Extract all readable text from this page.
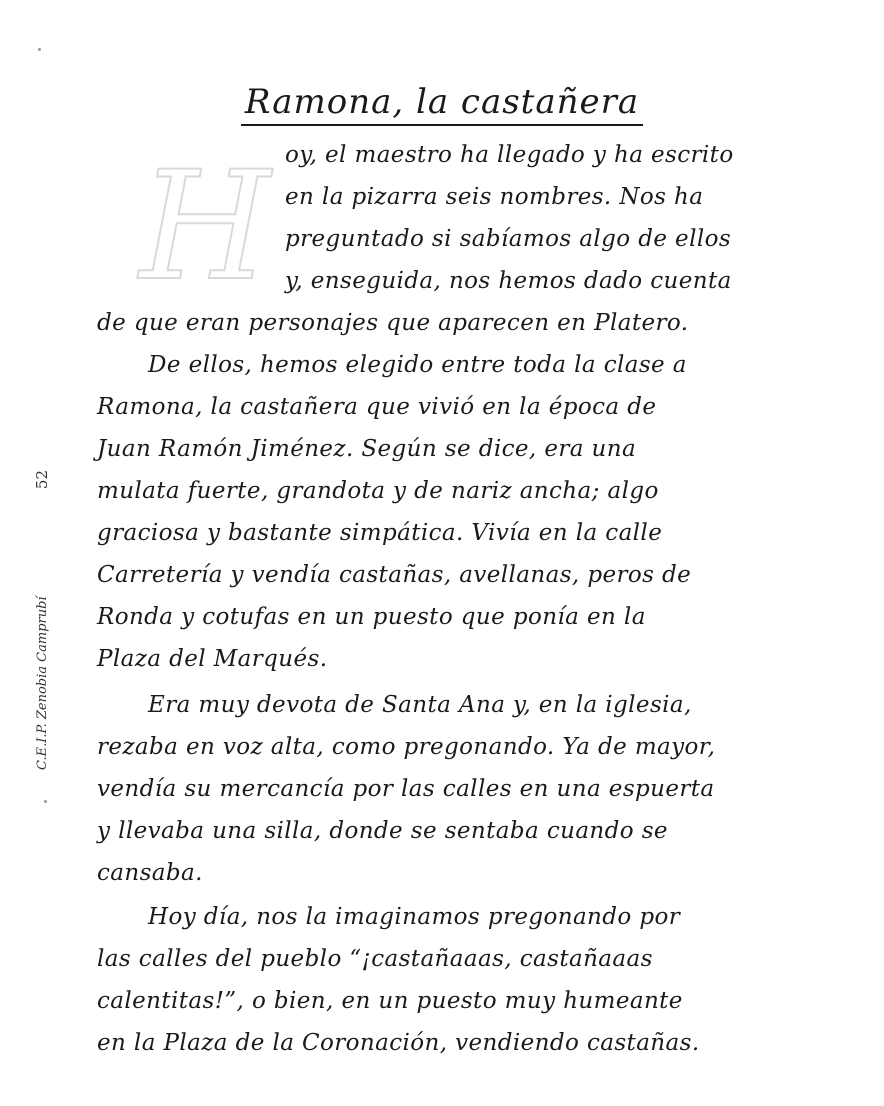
Ramona, la castañera
H
C.E.I.P. Zenobia Camprubí
52
oy, el maestro ha llegado y ha escrito
en la pizarra seis nombres. Nos ha
preguntado si sabíamos algo de ellos
y, enseguida, nos hemos dado cuenta
de que eran personajes que aparecen en Platero.
De ellos, hemos elegido entre toda la clase a
Ramona, la castañera que vivió en la época de
Juan Ramón Jiménez. Según se dice, era una
mulata fuerte, grandota y de nariz ancha; algo
graciosa y bastante simpática. Vivía en la calle
Carretería y vendía castañas, avellanas, peros de
Ronda y cotufas en un puesto que ponía en la
Plaza del Marqués.
Era muy devota de Santa Ana y, en la iglesia,
rezaba en voz alta, como pregonando. Ya de mayor,
vendía su mercancía por las calles en una espuerta
y llevaba una silla, donde se sentaba cuando se
cansaba.
Hoy día, nos la imaginamos pregonando por
las calles del pueblo “¡castañaaas, castañaaas
calentitas!”, o bien, en un puesto muy humeante
en la Plaza de la Coronación, vendiendo castañas.
